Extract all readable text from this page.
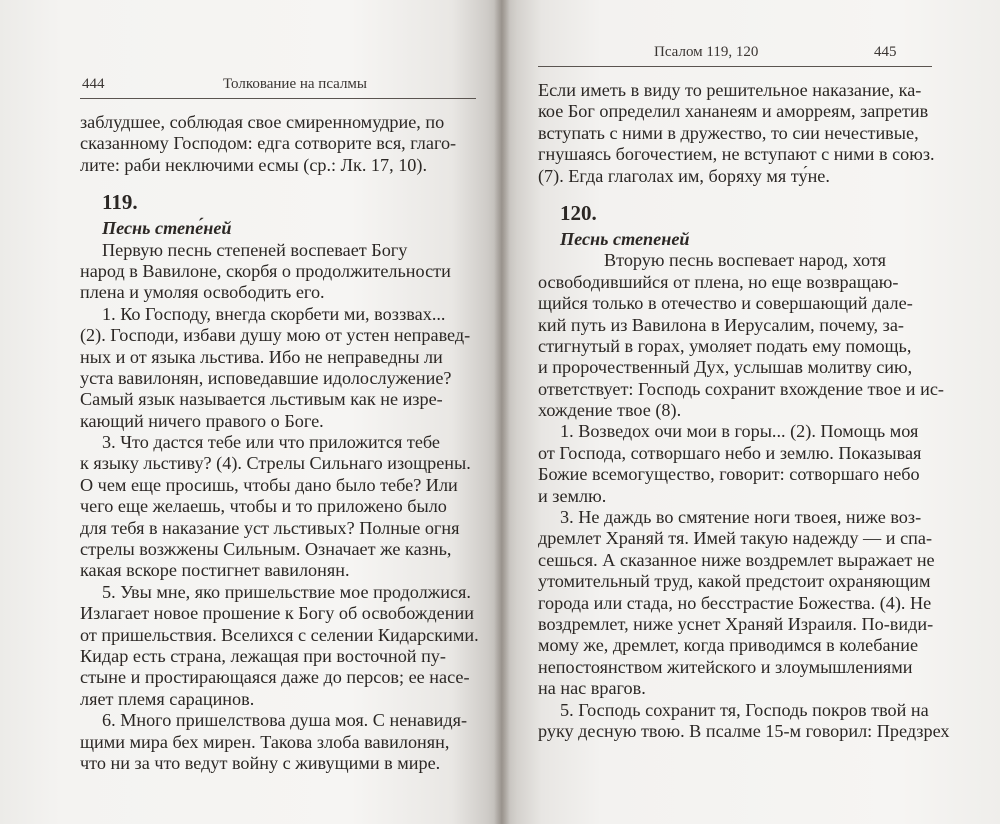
444	Толкование на псалмы
заблудшее, соблюдая свое смиренномудрие, по
сказанному Господом: едга сотворите вся, глаго-
лите: раби неключими есмы (ср.: Лк. 17, 10).
119.
Песнь степе́ней
Первую песнь степеней воспевает Богу
народ в Вавилоне, скорбя о продолжительности
плена и умоляя освободить его.
1. Ко Господу, внегда скорбети ми, воззвах...
(2). Господи, избави душу мою от устен неправед-
ных и от языка льстива. Ибо не неправедны ли
уста вавилонян, исповедавшие идолослужение?
Самый язык называется льстивым как не изре-
кающий ничего правого о Боге.
3. Что дастся тебе или что приложится тебе
к языку льстиву? (4). Стрелы Сильнаго изощрены.
О чем еще просишь, чтобы дано было тебе? Или
чего еще желаешь, чтобы и то приложено было
для тебя в наказание уст льстивых? Полные огня
стрелы возжжены Сильным. Означает же казнь,
какая вскоре постигнет вавилонян.
5. Увы мне, яко пришельствие мое продолжися.
Излагает новое прошение к Богу об освобождении
от пришельствия. Вселихся с селении Кидарскими.
Кидар есть страна, лежащая при восточной пу-
стыне и простирающаяся даже до персов; ее насе-
ляет племя сарацинов.
6. Много пришелствова душа моя. С ненавидя-
щими мира бех мирен. Такова злоба вавилонян,
что ни за что ведут войну с живущими в мире.
Псалом 119, 120	445
Если иметь в виду то решительное наказание, ка-
кое Бог определил хананеям и аморреям, запретив
вступать с ними в дружество, то сии нечестивые,
гнушаясь богочестием, не вступают с ними в союз.
(7). Егда глаголах им, боряху мя ту́не.
120.
Песнь степеней
Вторую песнь воспевает народ, хотя
освободившийся от плена, но еще возвращаю-
щийся только в отечество и совершающий дале-
кий путь из Вавилона в Иерусалим, почему, за-
стигнутый в горах, умоляет подать ему помощь,
и пророчественный Дух, услышав молитву сию,
ответствует: Господь сохранит вхождение твое и ис-
хождение твое (8).
1. Возведох очи мои в горы... (2). Помощь моя
от Господа, сотворшаго небо и землю. Показывая
Божие всемогущество, говорит: сотворшаго небо
и землю.
3. Не даждь во смятение ноги твоея, ниже воз-
дремлет Храняй тя. Имей такую надежду — и спа-
сешься. А сказанное ниже воздремлет выражает не
утомительный труд, какой предстоит охраняющим
города или стада, но бесстрастие Божества. (4). Не
воздремлет, ниже уснет Храняй Израиля. По-види-
мому же, дремлет, когда приводимся в колебание
непостоянством житейского и злоумышлениями
на нас врагов.
5. Господь сохранит тя, Господь покров твой на
руку десную твою. В псалме 15-м говорил: Предзрех
